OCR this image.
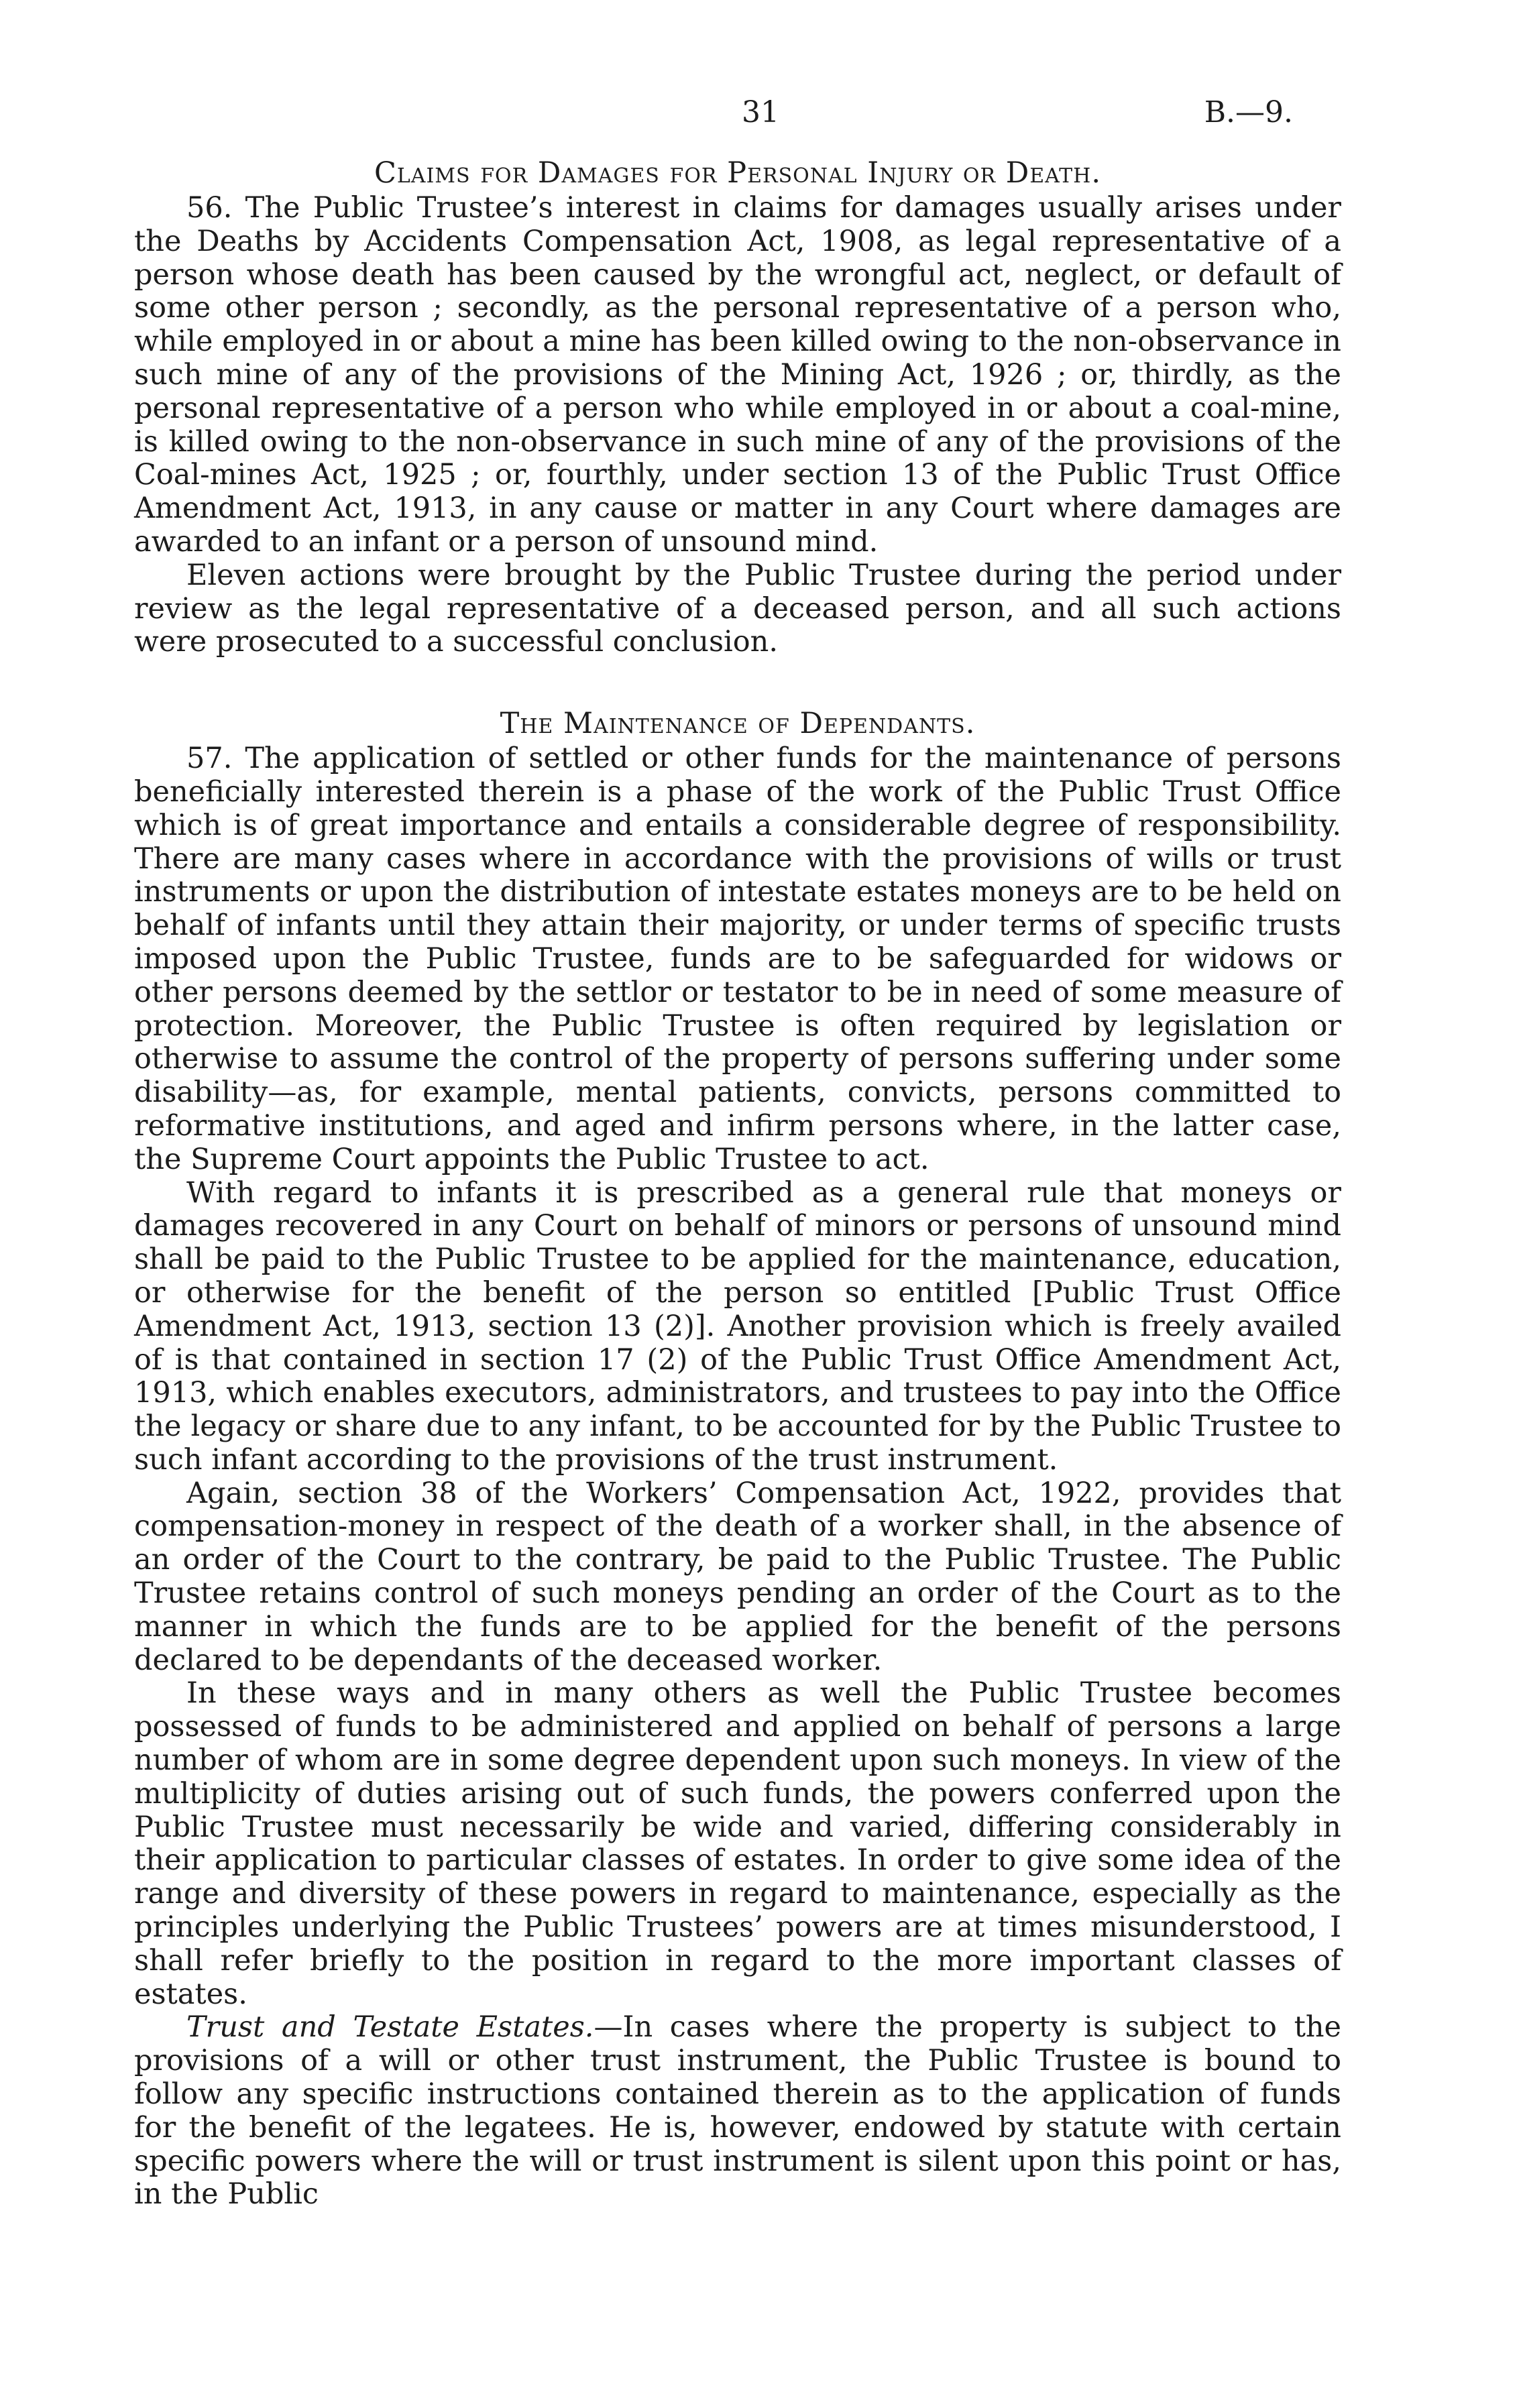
31	B.—9.
Claims for Damages for Personal Injury or Death.

56. The Public Trustee’s interest in claims for damages usually arises under the Deaths by Accidents Compensation Act, 1908, as legal representative of a person whose death has been caused by the wrongful act, neglect, or default of some other person ; secondly, as the personal representative of a person who, while employed in or about a mine has been killed owing to the non-observance in such mine of any of the provisions of the Mining Act, 1926 ; or, thirdly, as the personal representative of a person who while employed in or about a coal-mine, is killed owing to the non-observance in such mine of any of the provisions of the Coal-mines Act, 1925 ; or, fourthly, under section 13 of the Public Trust Office Amendment Act, 1913, in any cause or matter in any Court where damages are awarded to an infant or a person of unsound mind.

Eleven actions were brought by the Public Trustee during the period under review as the legal representative of a deceased person, and all such actions were prosecuted to a successful conclusion.

The Maintenance of Dependants.

57. The application of settled or other funds for the maintenance of persons beneficially interested therein is a phase of the work of the Public Trust Office which is of great importance and entails a considerable degree of responsibility. There are many cases where in accordance with the provisions of wills or trust instruments or upon the distribution of intestate estates moneys are to be held on behalf of infants until they attain their majority, or under terms of specific trusts imposed upon the Public Trustee, funds are to be safeguarded for widows or other persons deemed by the settlor or testator to be in need of some measure of protection. Moreover, the Public Trustee is often required by legislation or otherwise to assume the control of the property of persons suffering under some disability—as, for example, mental patients, convicts, persons committed to reformative institutions, and aged and infirm persons where, in the latter case, the Supreme Court appoints the Public Trustee to act.

With regard to infants it is prescribed as a general rule that moneys or damages recovered in any Court on behalf of minors or persons of unsound mind shall be paid to the Public Trustee to be applied for the maintenance, education, or otherwise for the benefit of the person so entitled [Public Trust Office Amendment Act, 1913, section 13 (2)]. Another provision which is freely availed of is that contained in section 17 (2) of the Public Trust Office Amendment Act, 1913, which enables executors, administrators, and trustees to pay into the Office the legacy or share due to any infant, to be accounted for by the Public Trustee to such infant according to the provisions of the trust instrument.

Again, section 38 of the Workers’ Compensation Act, 1922, provides that compensation-money in respect of the death of a worker shall, in the absence of an order of the Court to the contrary, be paid to the Public Trustee. The Public Trustee retains control of such moneys pending an order of the Court as to the manner in which the funds are to be applied for the benefit of the persons declared to be dependants of the deceased worker.

In these ways and in many others as well the Public Trustee becomes possessed of funds to be administered and applied on behalf of persons a large number of whom are in some degree dependent upon such moneys. In view of the multiplicity of duties arising out of such funds, the powers conferred upon the Public Trustee must necessarily be wide and varied, differing considerably in their application to particular classes of estates. In order to give some idea of the range and diversity of these powers in regard to maintenance, especially as the principles underlying the Public Trustees’ powers are at times misunderstood, I shall refer briefly to the position in regard to the more important classes of estates.

Trust and Testate Estates.—In cases where the property is subject to the provisions of a will or other trust instrument, the Public Trustee is bound to follow any specific instructions contained therein as to the application of funds for the benefit of the legatees. He is, however, endowed by statute with certain specific powers where the will or trust instrument is silent upon this point or has, in the Public
